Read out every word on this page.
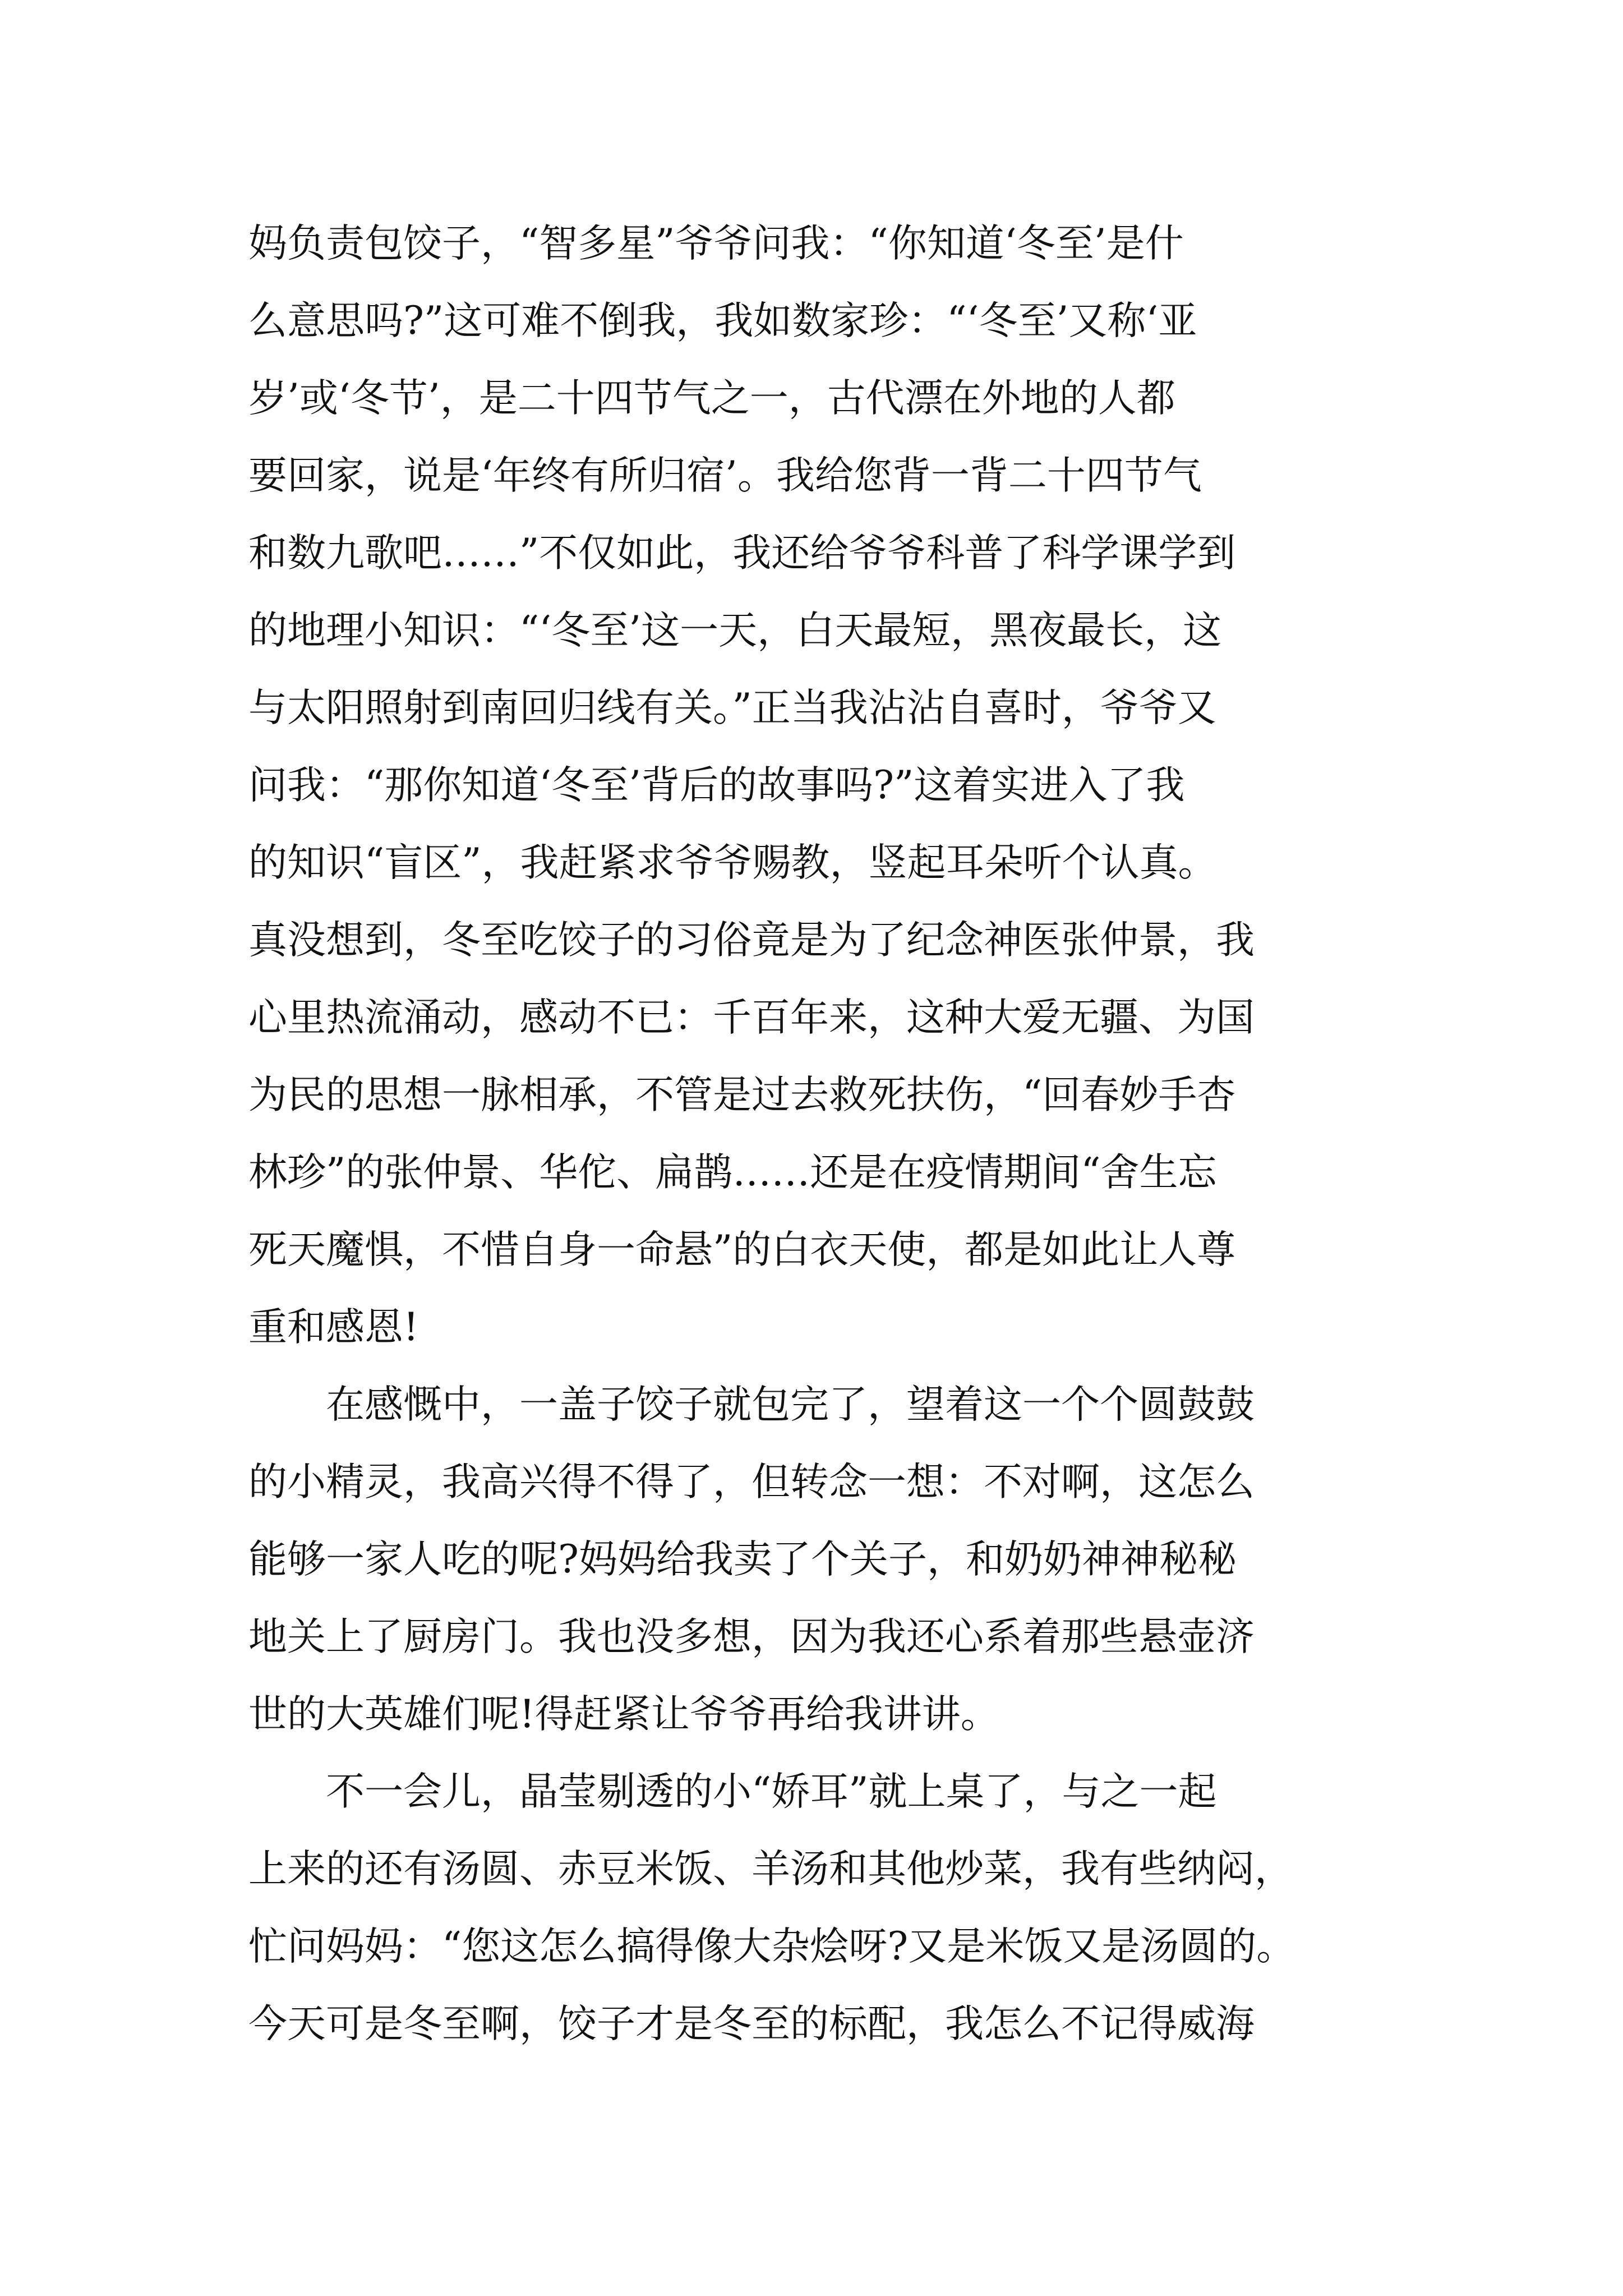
妈负责包饺子，“智多星”爷爷问我：“你知道‘冬至’是什
么意思吗?”这可难不倒我，我如数家珍：“‘冬至’又称‘亚
岁’或‘冬节’，是二十四节气之一，古代漂在外地的人都
要回家，说是‘年终有所归宿’。我给您背一背二十四节气
和数九歌吧……”不仅如此，我还给爷爷科普了科学课学到
的地理小知识：“‘冬至’这一天，白天最短，黑夜最长，这
与太阳照射到南回归线有关。”正当我沾沾自喜时，爷爷又
问我：“那你知道‘冬至’背后的故事吗?”这着实进入了我
的知识“盲区”，我赶紧求爷爷赐教，竖起耳朵听个认真。
真没想到，冬至吃饺子的习俗竟是为了纪念神医张仲景，我
心里热流涌动，感动不已：千百年来，这种大爱无疆、为国
为民的思想一脉相承，不管是过去救死扶伤，“回春妙手杏
林珍”的张仲景、华佗、扁鹊……还是在疫情期间“舍生忘
死天魔惧，不惜自身一命悬”的白衣天使，都是如此让人尊
重和感恩!
在感慨中，一盖子饺子就包完了，望着这一个个圆鼓鼓
的小精灵，我高兴得不得了，但转念一想：不对啊，这怎么
能够一家人吃的呢?妈妈给我卖了个关子，和奶奶神神秘秘
地关上了厨房门。我也没多想，因为我还心系着那些悬壶济
世的大英雄们呢!得赶紧让爷爷再给我讲讲。
不一会儿，晶莹剔透的小“娇耳”就上桌了，与之一起
上来的还有汤圆、赤豆米饭、羊汤和其他炒菜，我有些纳闷，
忙问妈妈：“您这怎么搞得像大杂烩呀?又是米饭又是汤圆的。
今天可是冬至啊，饺子才是冬至的标配，我怎么不记得威海
